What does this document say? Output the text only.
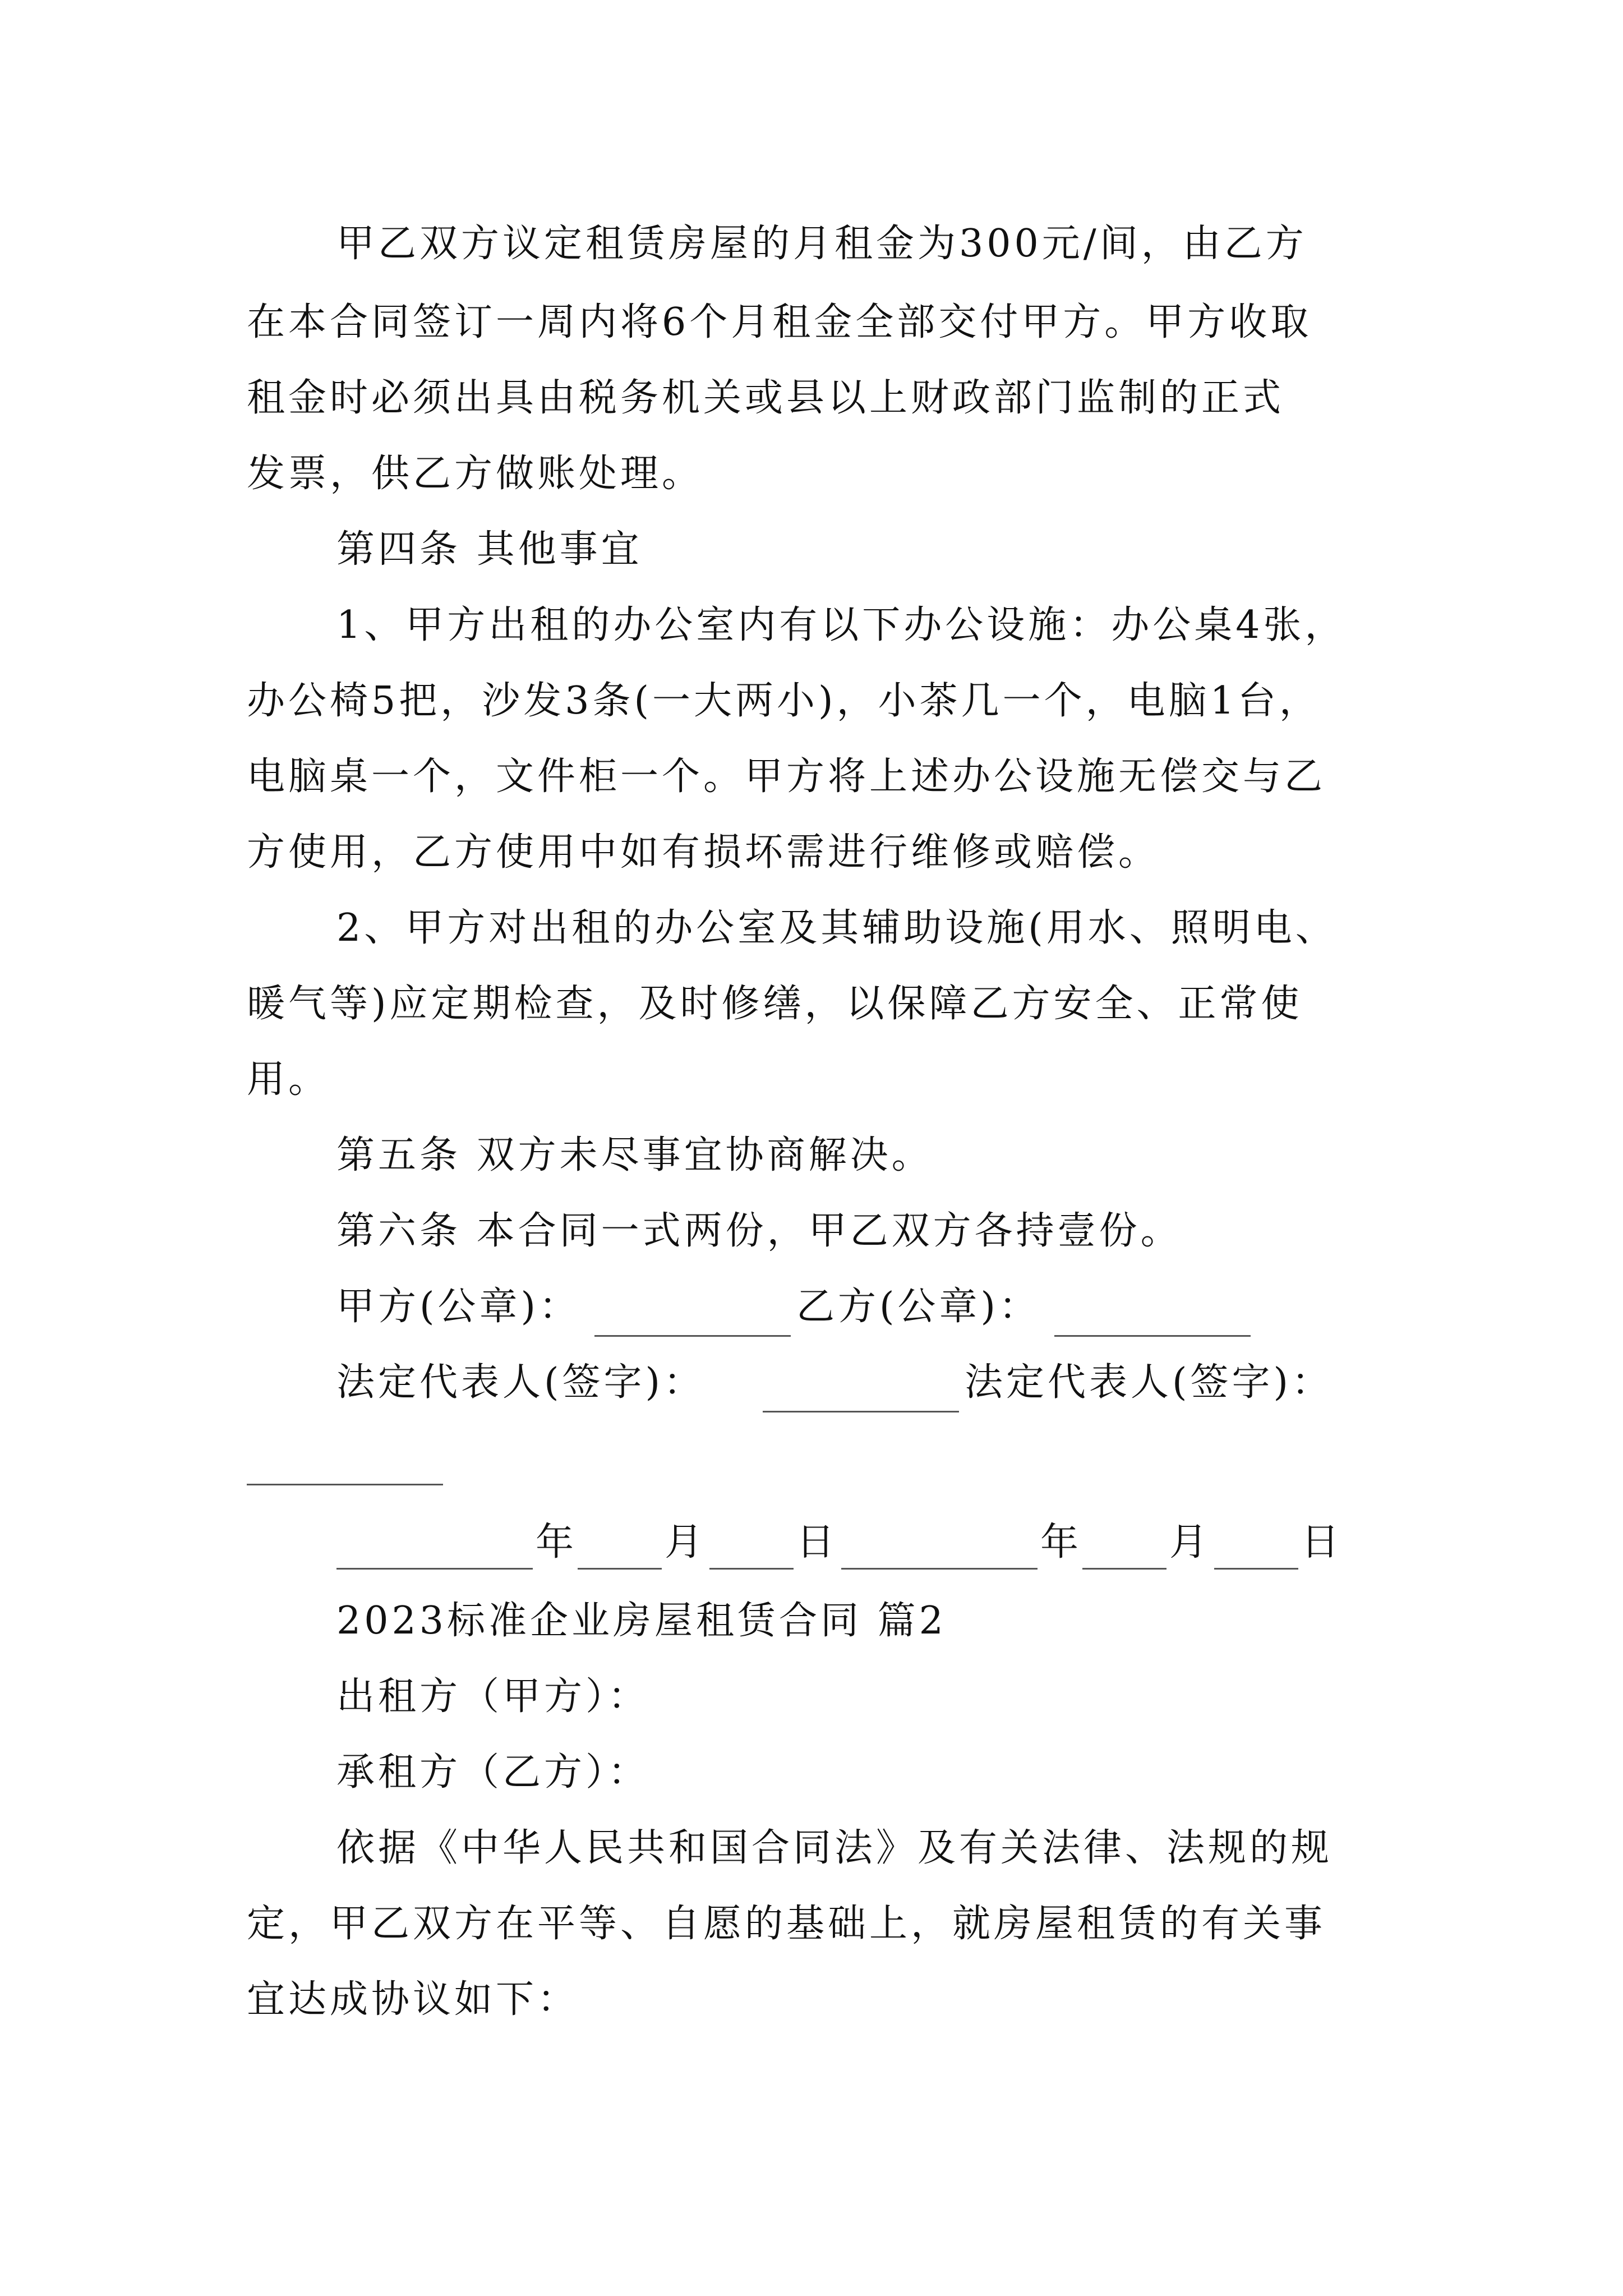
甲乙双方议定租赁房屋的月租金为300元/间，由乙方
在本合同签订一周内将6个月租金全部交付甲方。甲方收取
租金时必须出具由税务机关或县以上财政部门监制的正式
发票，供乙方做账处理。
第四条 其他事宜
1、甲方出租的办公室内有以下办公设施：办公桌4张，
办公椅5把，沙发3条(一大两小)，小茶几一个，电脑1台，
电脑桌一个，文件柜一个。甲方将上述办公设施无偿交与乙
方使用，乙方使用中如有损坏需进行维修或赔偿。
2、甲方对出租的办公室及其辅助设施(用水、照明电、
暖气等)应定期检查，及时修缮，以保障乙方安全、正常使
用。
第五条 双方未尽事宜协商解决。
第六条 本合同一式两份，甲乙双方各持壹份。
甲方(公章)：	乙方(公章)：
法定代表人(签字)：	法定代表人(签字)：
年 月 日	年 月 日
2023标准企业房屋租赁合同 篇2
出租方（甲方）：
承租方（乙方）：
依据《中华人民共和国合同法》及有关法律、法规的规
定，甲乙双方在平等、自愿的基础上，就房屋租赁的有关事
宜达成协议如下：
